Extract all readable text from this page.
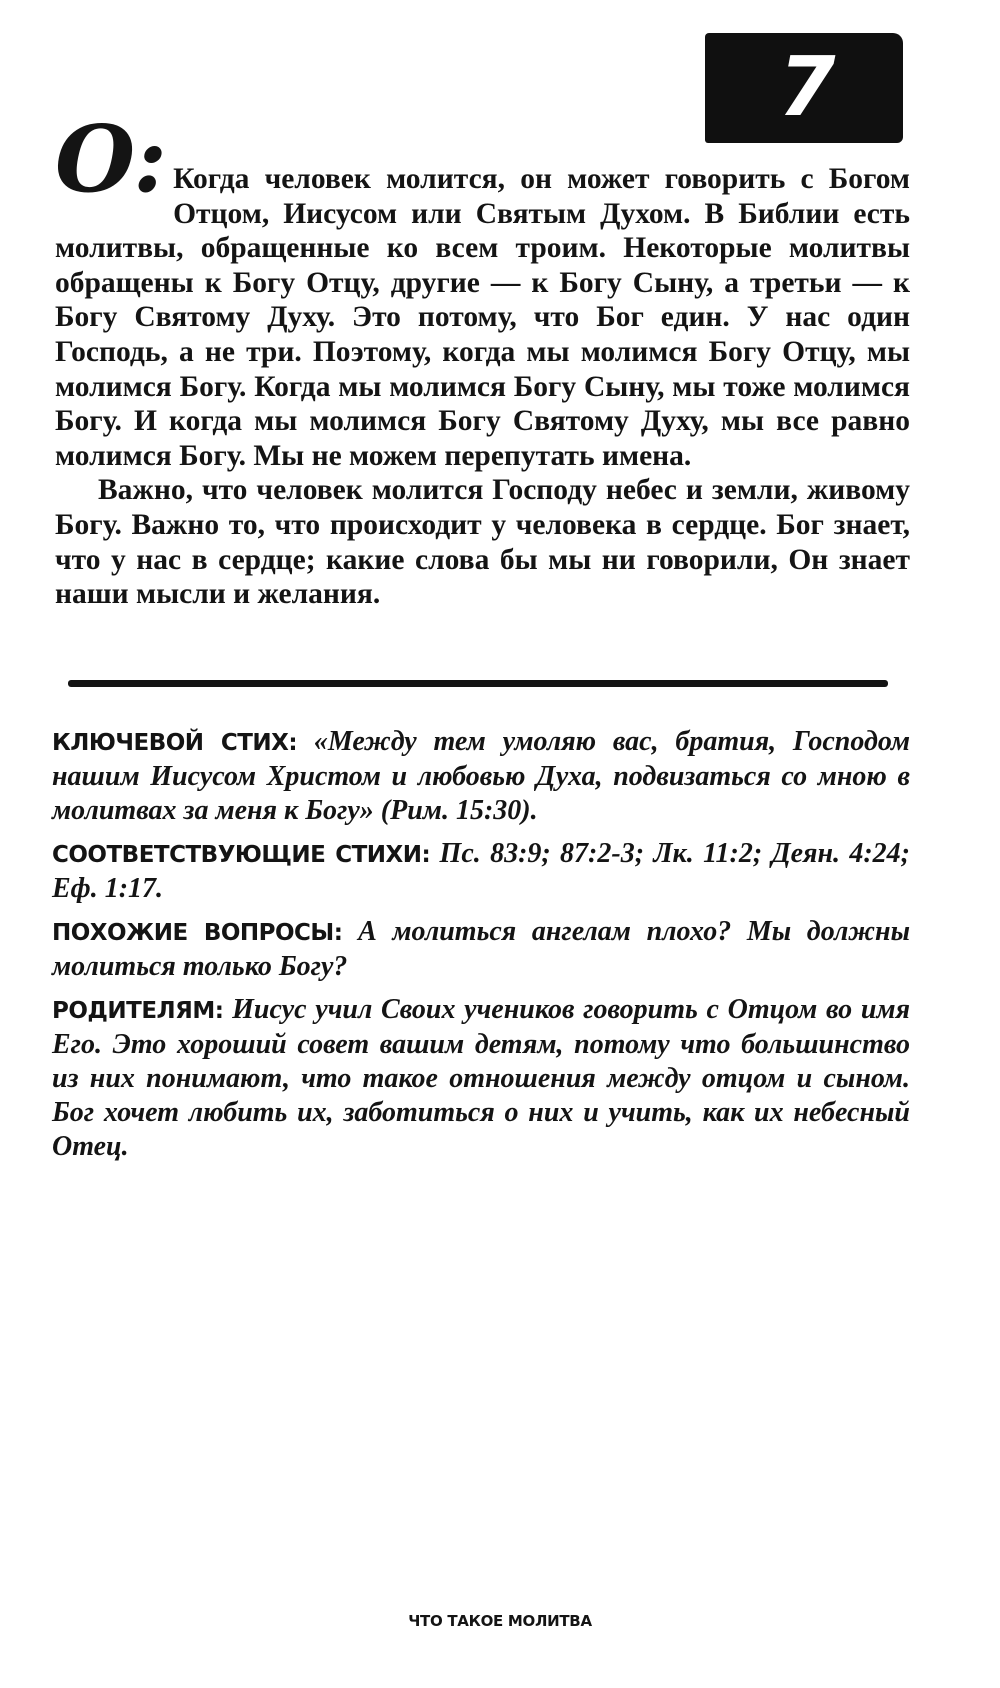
7
О: Когда человек молится, он может говорить с Богом Отцом, Иисусом или Святым Духом. В Библии есть молитвы, обращенные ко всем троим. Некоторые молитвы обращены к Богу Отцу, другие — к Богу Сыну, а третьи — к Богу Святому Духу. Это потому, что Бог един. У нас один Господь, а не три. Поэтому, когда мы молимся Богу Отцу, мы молимся Богу. Когда мы молимся Богу Сыну, мы тоже молимся Богу. И когда мы молимся Богу Святому Духу, мы все равно молимся Богу. Мы не можем перепутать имена.

Важно, что человек молится Господу небес и земли, живому Богу. Важно то, что происходит у человека в сердце. Бог знает, что у нас в сердце; какие слова бы мы ни говорили, Он знает наши мысли и желания.

КЛЮЧЕВОЙ СТИХ: «Между тем умоляю вас, братия, Господом нашим Иисусом Христом и любовью Духа, подвизаться со мною в молитвах за меня к Богу» (Рим. 15:30).

СООТВЕТСТВУЮЩИЕ СТИХИ: Пс. 83:9; 87:2-3; Лк. 11:2; Деян. 4:24; Еф. 1:17.

ПОХОЖИЕ ВОПРОСЫ: А молиться ангелам плохо? Мы должны молиться только Богу?

РОДИТЕЛЯМ: Иисус учил Своих учеников говорить с Отцом во имя Его. Это хороший совет вашим детям, потому что большинство из них понимают, что такое отношения между отцом и сыном. Бог хочет любить их, заботиться о них и учить, как их небесный Отец.

ЧТО ТАКОЕ МОЛИТВА
